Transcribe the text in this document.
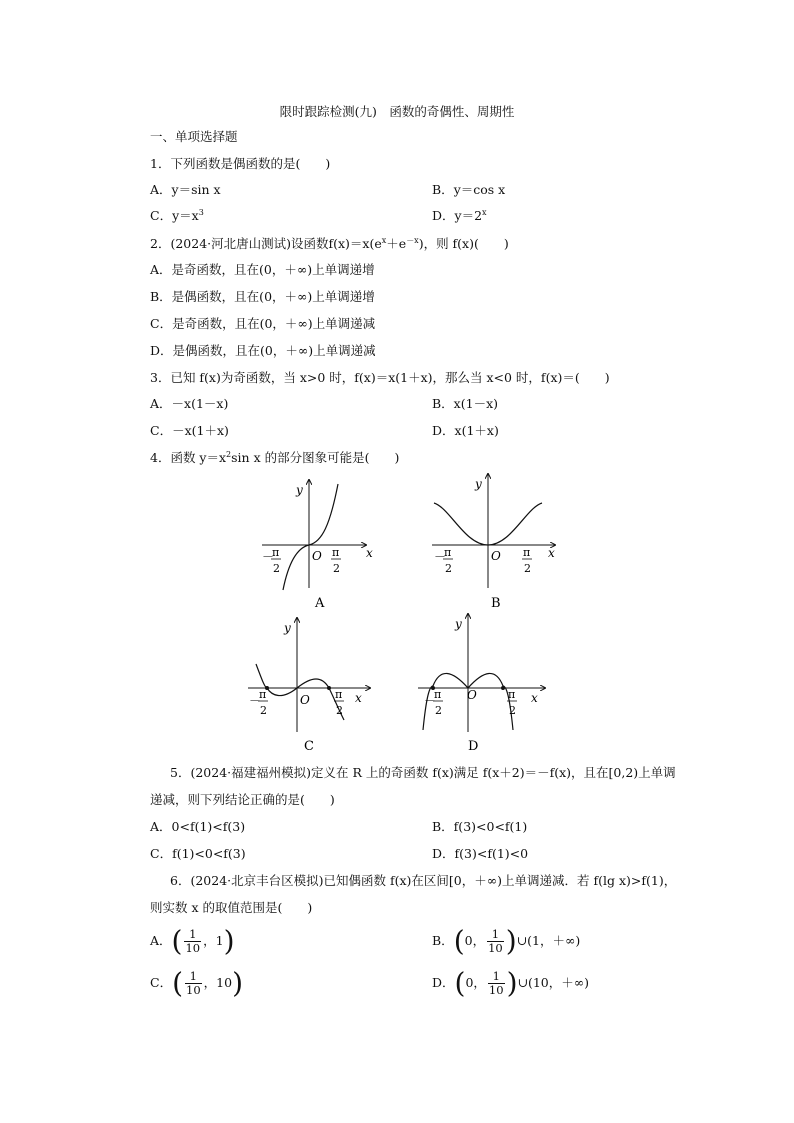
限时跟踪检测(九)　函数的奇偶性、周期性
一、单项选择题
1．下列函数是偶函数的是(　　)
A．y＝sin x	B．y＝cos x
C．$y=x^3$	D．$y=2^x$
2．(2024·河北唐山测试)设函数$f(x)=x(e^x+e^{-x})$，则 f(x)(　　)
A．是奇函数，且在(0，＋∞)上单调递增
B．是偶函数，且在(0，＋∞)上单调递增
C．是奇函数，且在(0，＋∞)上单调递减
D．是偶函数，且在(0，＋∞)上单调递减
3．已知 f(x)为奇函数，当 x>0 时，f(x)＝x(1＋x)，那么当 x<0 时，f(x)＝(　　)
A．－x(1－x)	B．x(1－x)
C．－x(1＋x)	D．x(1＋x)
4．函数 $y=x^2\sin$ x 的部分图象可能是(　　)
y
x
O
－
π
2
π
2
A
y
x
O
－
π
2
π
2
B
y
x
O
－
π
2
π
2
C
y
x
O
－
π
2
π
2
D
5．(2024·福建福州模拟)定义在 R 上的奇函数 f(x)满足 f(x＋2)＝－f(x)，且在[0,2)上单调
递减，则下列结论正确的是(　　)
A．0<f(1)<f(3)	B．f(3)<0<f(1)
C．f(1)<0<f(3)	D．f(3)<f(1)<0
6．(2024·北京丰台区模拟)已知偶函数 f(x)在区间[0，＋∞)上单调递减．若 f(lg x)>f(1)，
则实数 x 的取值范围是(　　)
A．( $\frac{1}{10}$ ，1)	B．(0， $\frac{1}{10}$ )∪(1，＋∞)
C．( $\frac{1}{10}$ ，10)	D．(0， $\frac{1}{10}$ )∪(10，＋∞)
